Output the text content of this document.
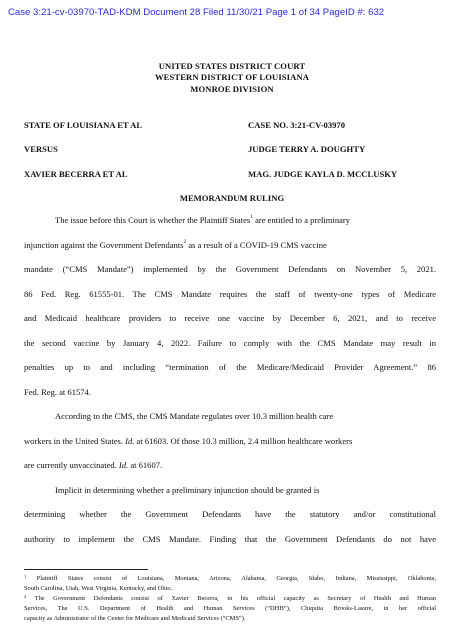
Case 3:21-cv-03970-TAD-KDM Document 28 Filed 11/30/21 Page 1 of 34 PageID #: 632
UNITED STATES DISTRICT COURT
WESTERN DISTRICT OF LOUISIANA
MONROE DIVISION
STATE OF LOUISIANA ET AL	CASE NO. 3:21-CV-03970
VERSUS	JUDGE TERRY A. DOUGHTY
XAVIER BECERRA ET AL	MAG. JUDGE KAYLA D. MCCLUSKY
MEMORANDUM RULING
The issue before this Court is whether the Plaintiff States$^1$ are entitled to a preliminary
injunction against the Government Defendants$^2$ as a result of a COVID-19 CMS vaccine
mandate (“CMS Mandate”) implemented by the Government Defendants on November 5, 2021.
86 Fed. Reg. 61555-01. The CMS Mandate requires the staff of twenty-one types of Medicare
and Medicaid healthcare providers to receive one vaccine by December 6, 2021, and to receive
the second vaccine by January 4, 2022. Failure to comply with the CMS Mandate may result in
penalties up to and including “termination of the Medicare/Medicaid Provider Agreement.” 86
Fed. Reg. at 61574.
According to the CMS, the CMS Mandate regulates over 10.3 million health care
workers in the United States. Id. at 61603. Of those 10.3 million, 2.4 million healthcare workers
are currently unvaccinated. Id. at 61607.
Implicit in determining whether a preliminary injunction should be granted is
determining whether the Government Defendants have the statutory and/or constitutional
authority to implement the CMS Mandate. Finding that the Government Defendants do not have
$^1$ Plaintiff States consist of Louisiana, Montana, Arizona, Alabama, Georgia, Idaho, Indiana, Mississippi, Oklahoma,
South Carolina, Utah, West Virginia, Kentucky, and Ohio.
$^2$ The Government Defendants consist of Xavier Becerra, in his official capacity as Secretary of Health and Human
Services, The U.S. Department of Health and Human Services (“DHH”), Chiquita Brooks-Lasure, in her official
capacity as Administrator of the Center for Medicare and Medicaid Services (“CMS”).
